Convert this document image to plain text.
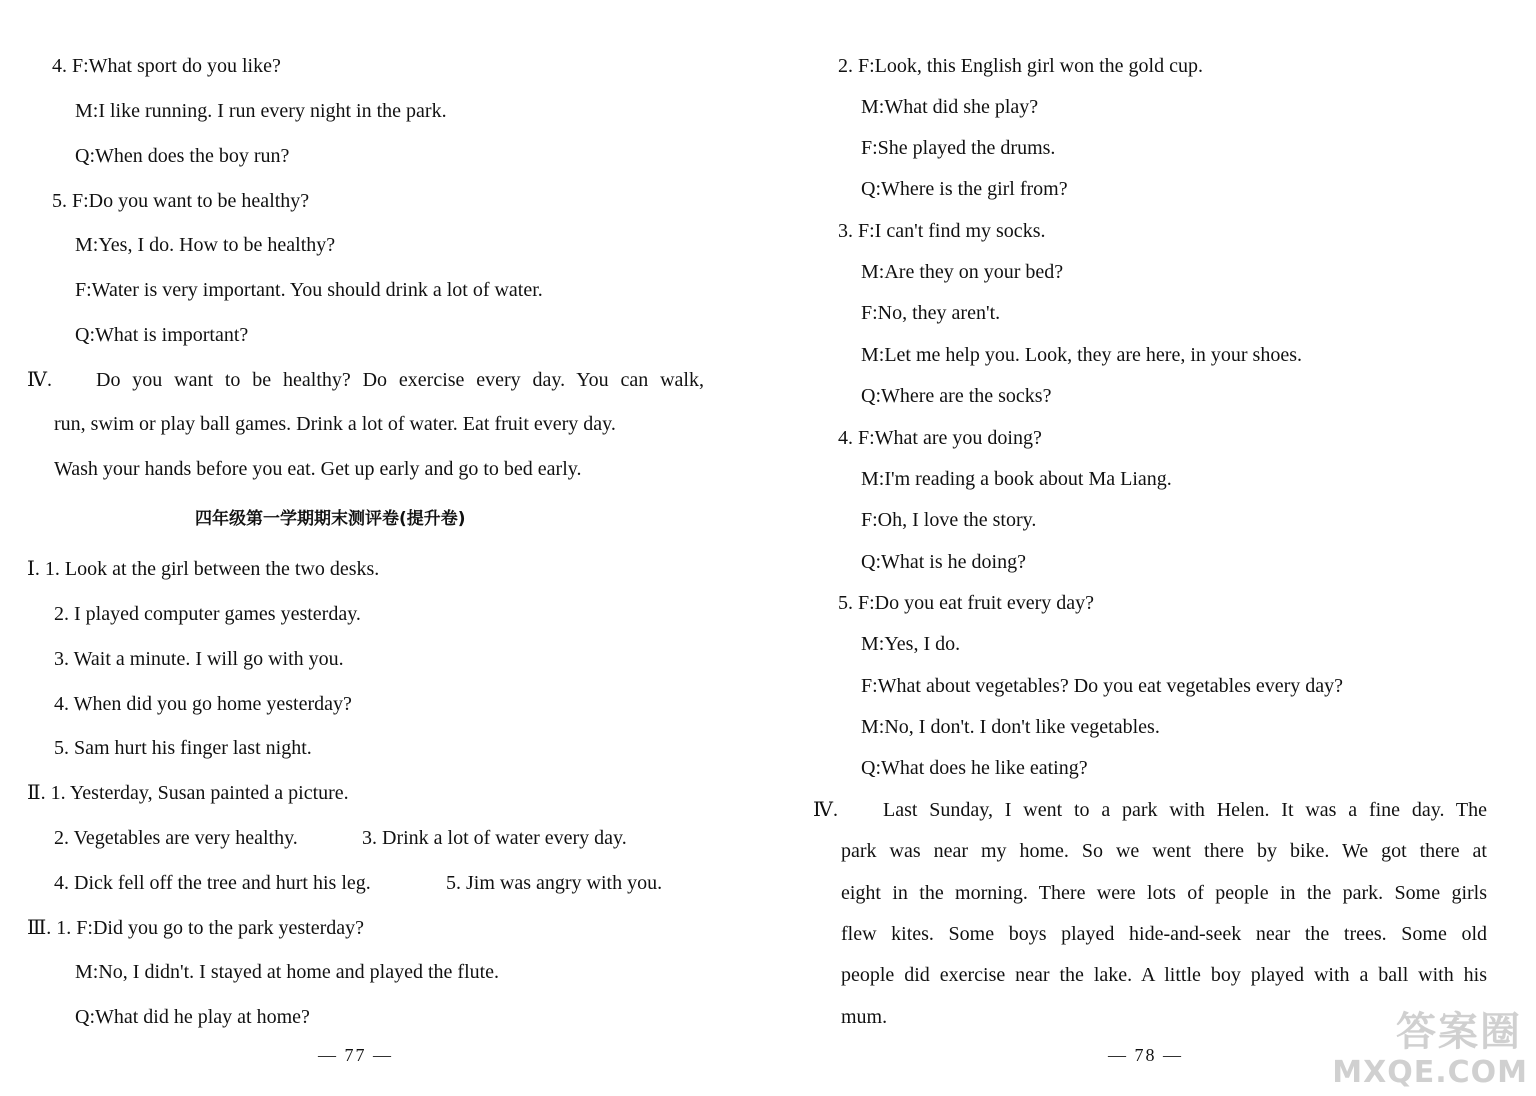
4. F:What sport do you like?
M:I like running. I run every night in the park.
Q:When does the boy run?
5. F:Do you want to be healthy?
M:Yes, I do. How to be healthy?
F:Water is very important. You should drink a lot of water.
Q:What is important?
Ⅳ. Do you want to be healthy? Do exercise every day. You can walk,
run, swim or play ball games. Drink a lot of water. Eat fruit every day.
Wash your hands before you eat. Get up early and go to bed early.
四年级第一学期期末测评卷(提升卷)
Ⅰ. 1. Look at the girl between the two desks.
2. I played computer games yesterday.
3. Wait a minute. I will go with you.
4. When did you go home yesterday?
5. Sam hurt his finger last night.
Ⅱ. 1. Yesterday, Susan painted a picture.
2. Vegetables are very healthy.	3. Drink a lot of water every day.
4. Dick fell off the tree and hurt his leg.	5. Jim was angry with you.
Ⅲ. 1. F:Did you go to the park yesterday?
M:No, I didn't. I stayed at home and played the flute.
Q:What did he play at home?
— 77 —
2. F:Look, this English girl won the gold cup.
M:What did she play?
F:She played the drums.
Q:Where is the girl from?
3. F:I can't find my socks.
M:Are they on your bed?
F:No, they aren't.
M:Let me help you. Look, they are here, in your shoes.
Q:Where are the socks?
4. F:What are you doing?
M:I'm reading a book about Ma Liang.
F:Oh, I love the story.
Q:What is he doing?
5. F:Do you eat fruit every day?
M:Yes, I do.
F:What about vegetables? Do you eat vegetables every day?
M:No, I don't. I don't like vegetables.
Q:What does he like eating?
Ⅳ. Last Sunday, I went to a park with Helen. It was a fine day. The
park was near my home. So we went there by bike. We got there at
eight in the morning. There were lots of people in the park. Some girls
flew kites. Some boys played hide-and-seek near the trees. Some old
people did exercise near the lake. A little boy played with a ball with his
mum.
— 78 —	答案圈
MXQE.COM
